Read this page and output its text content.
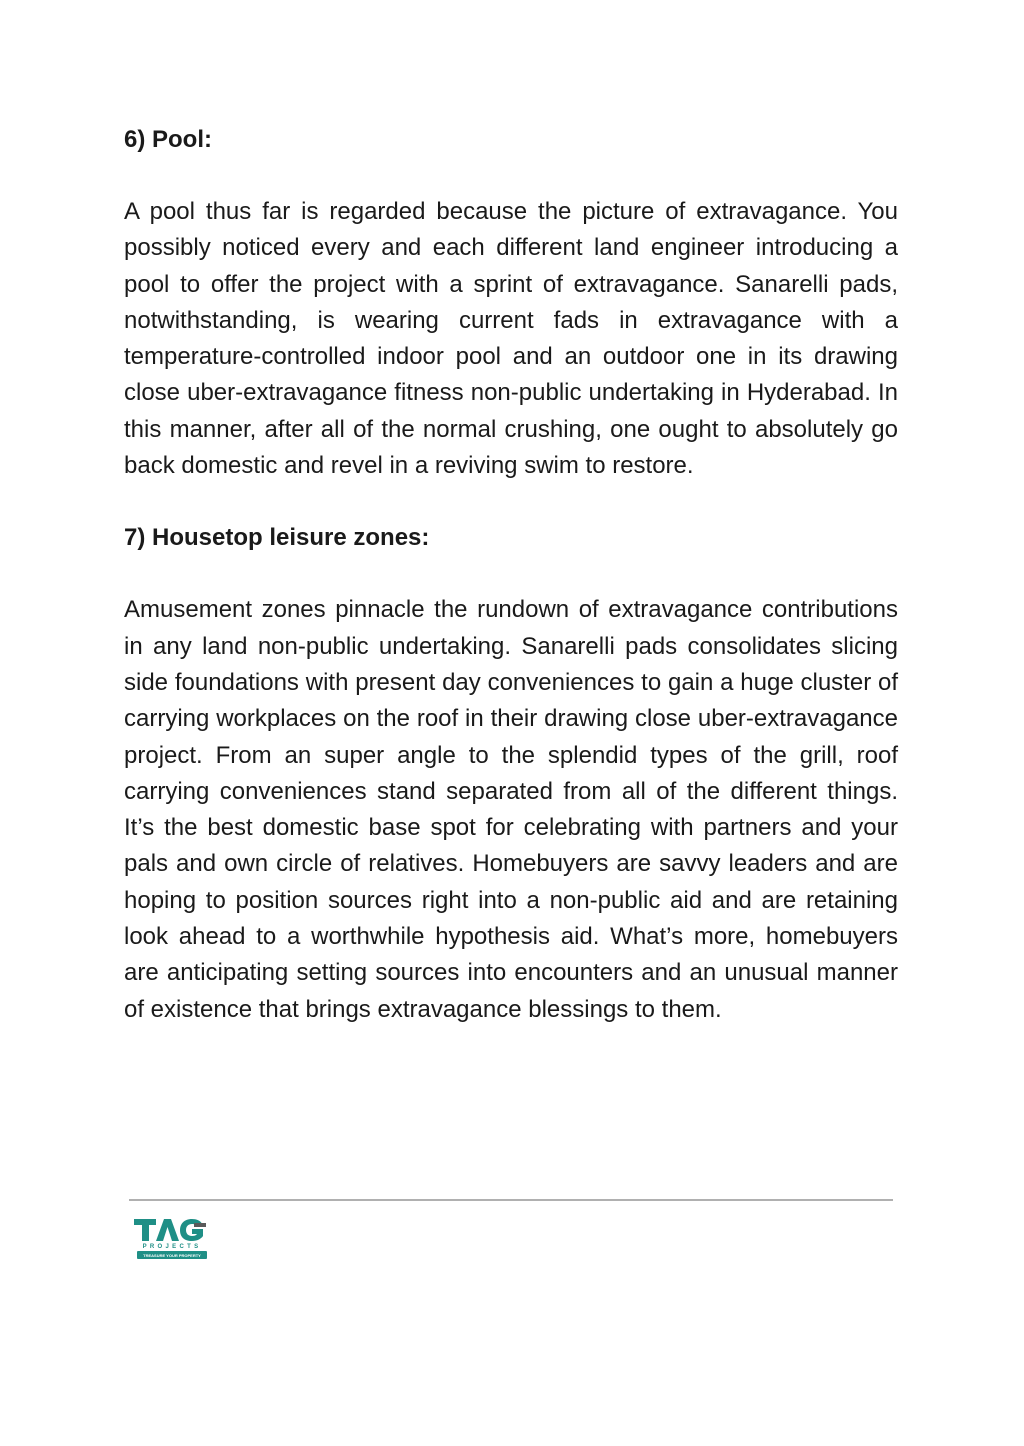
6) Pool:

A pool thus far is regarded because the picture of extravagance. You possibly noticed every and each different land engineer introducing a pool to offer the project with a sprint of extravagance. Sanarelli pads, notwithstanding, is wearing current fads in extravagance with a temperature-controlled indoor pool and an outdoor one in its drawing close uber-extravagance fitness non-public undertaking in Hyderabad. In this manner, after all of the normal crushing, one ought to absolutely go back domestic and revel in a reviving swim to restore.

7) Housetop leisure zones:

Amusement zones pinnacle the rundown of extravagance contributions in any land non-public undertaking. Sanarelli pads consolidates slicing side foundations with present day conveniences to gain a huge cluster of carrying workplaces on the roof in their drawing close uber-extravagance project. From an super angle to the splendid types of the grill, roof carrying conveniences stand separated from all of the different things. It’s the best domestic base spot for celebrating with partners and your pals and own circle of relatives. Homebuyers are savvy leaders and are hoping to position sources right into a non-public aid and are retaining look ahead to a worthwhile hypothesis aid. What’s more, homebuyers are anticipating setting sources into encounters and an unusual manner of existence that brings extravagance blessings to them.

PROJECTS
TREASURE YOUR PROPERTY
